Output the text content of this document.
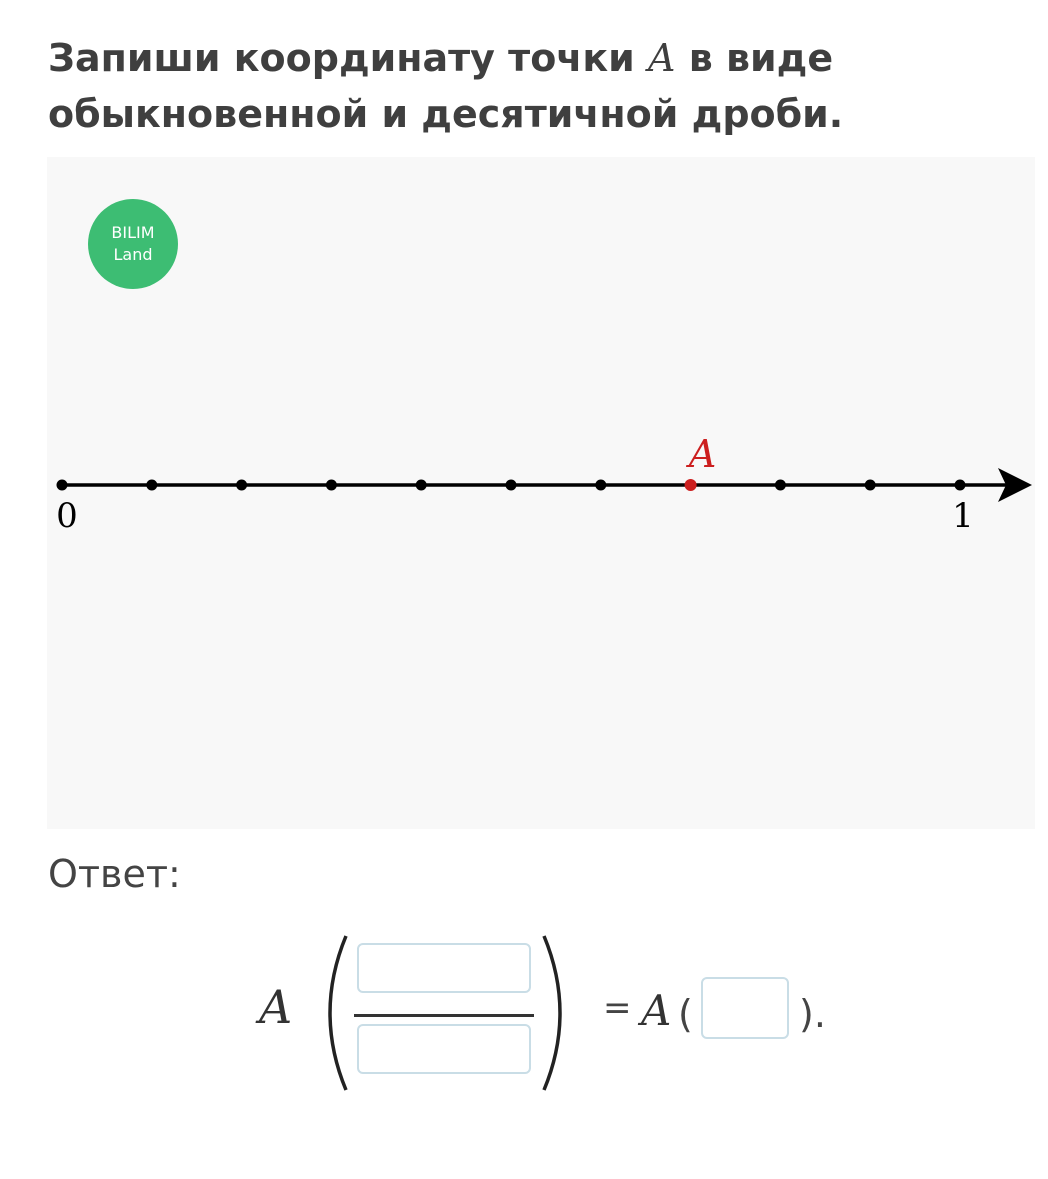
Запиши координату точки A в виде обыкновенной и десятичной дроби.
BILIM
Land
0	1
A

Ответ:

A	= A (	).
